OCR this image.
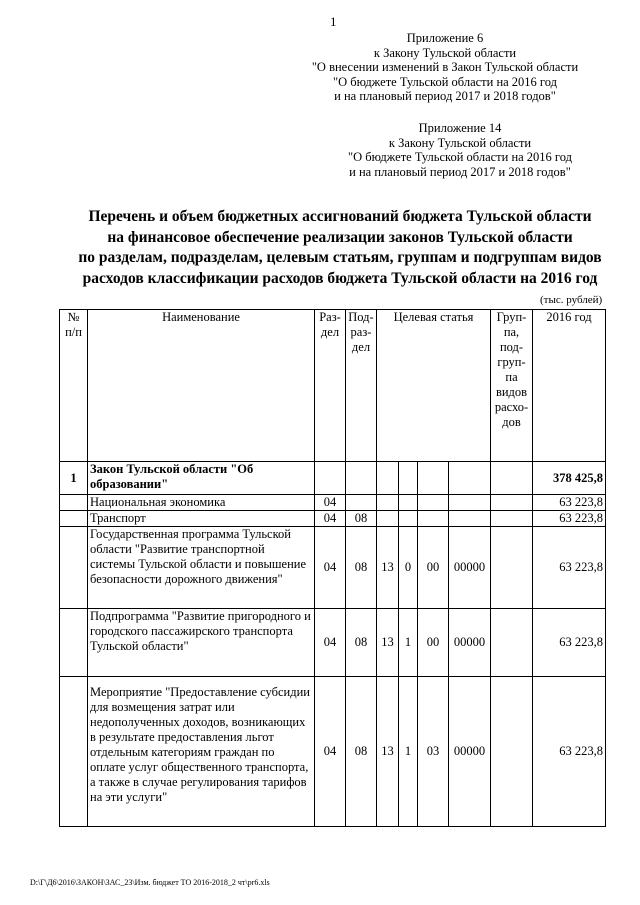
1
Приложение 6
к Закону Тульской области
"О внесении изменений в Закон Тульской области
"О бюджете Тульской области на 2016 год
и на плановый период 2017 и 2018 годов"
Приложение 14
к Закону Тульской области
"О бюджете Тульской области на 2016 год
и на плановый период 2017 и 2018 годов"
Перечень и объем бюджетных ассигнований бюджета Тульской области
на финансовое обеспечение реализации законов Тульской области
по разделам, подразделам, целевым статьям, группам и подгруппам видов
расходов классификации расходов бюджета Тульской области на 2016 год
(тыс. рублей)
№ п/п	Наименование	Раз-дел	Под-раз-дел	Целевая статья				Груп-па, под-груп-па видов расхо-дов	2016 год
1	Закон Тульской области "Об образовании"								378 425,8
	Национальная экономика	04							63 223,8
	Транспорт	04	08						63 223,8
	Государственная программа Тульской области "Развитие транспортной системы Тульской области и повышение безопасности дорожного движения"	04	08	13	0	00	00000		63 223,8
	Подпрограмма "Развитие пригородного и городского пассажирского транспорта Тульской области"	04	08	13	1	00	00000		63 223,8
	Мероприятие "Предоставление субсидии для возмещения затрат или недополученных доходов, возникающих в результате предоставления льгот отдельным категориям граждан по оплате услуг общественного транспорта, а также в случае регулирования тарифов на эти услуги"	04	08	13	1	03	00000		63 223,8
D:\Г\Д6\2016\ЗАКОН\ЗАС_23\Изм. бюджет ТО 2016-2018_2 чт\pr6.xls
